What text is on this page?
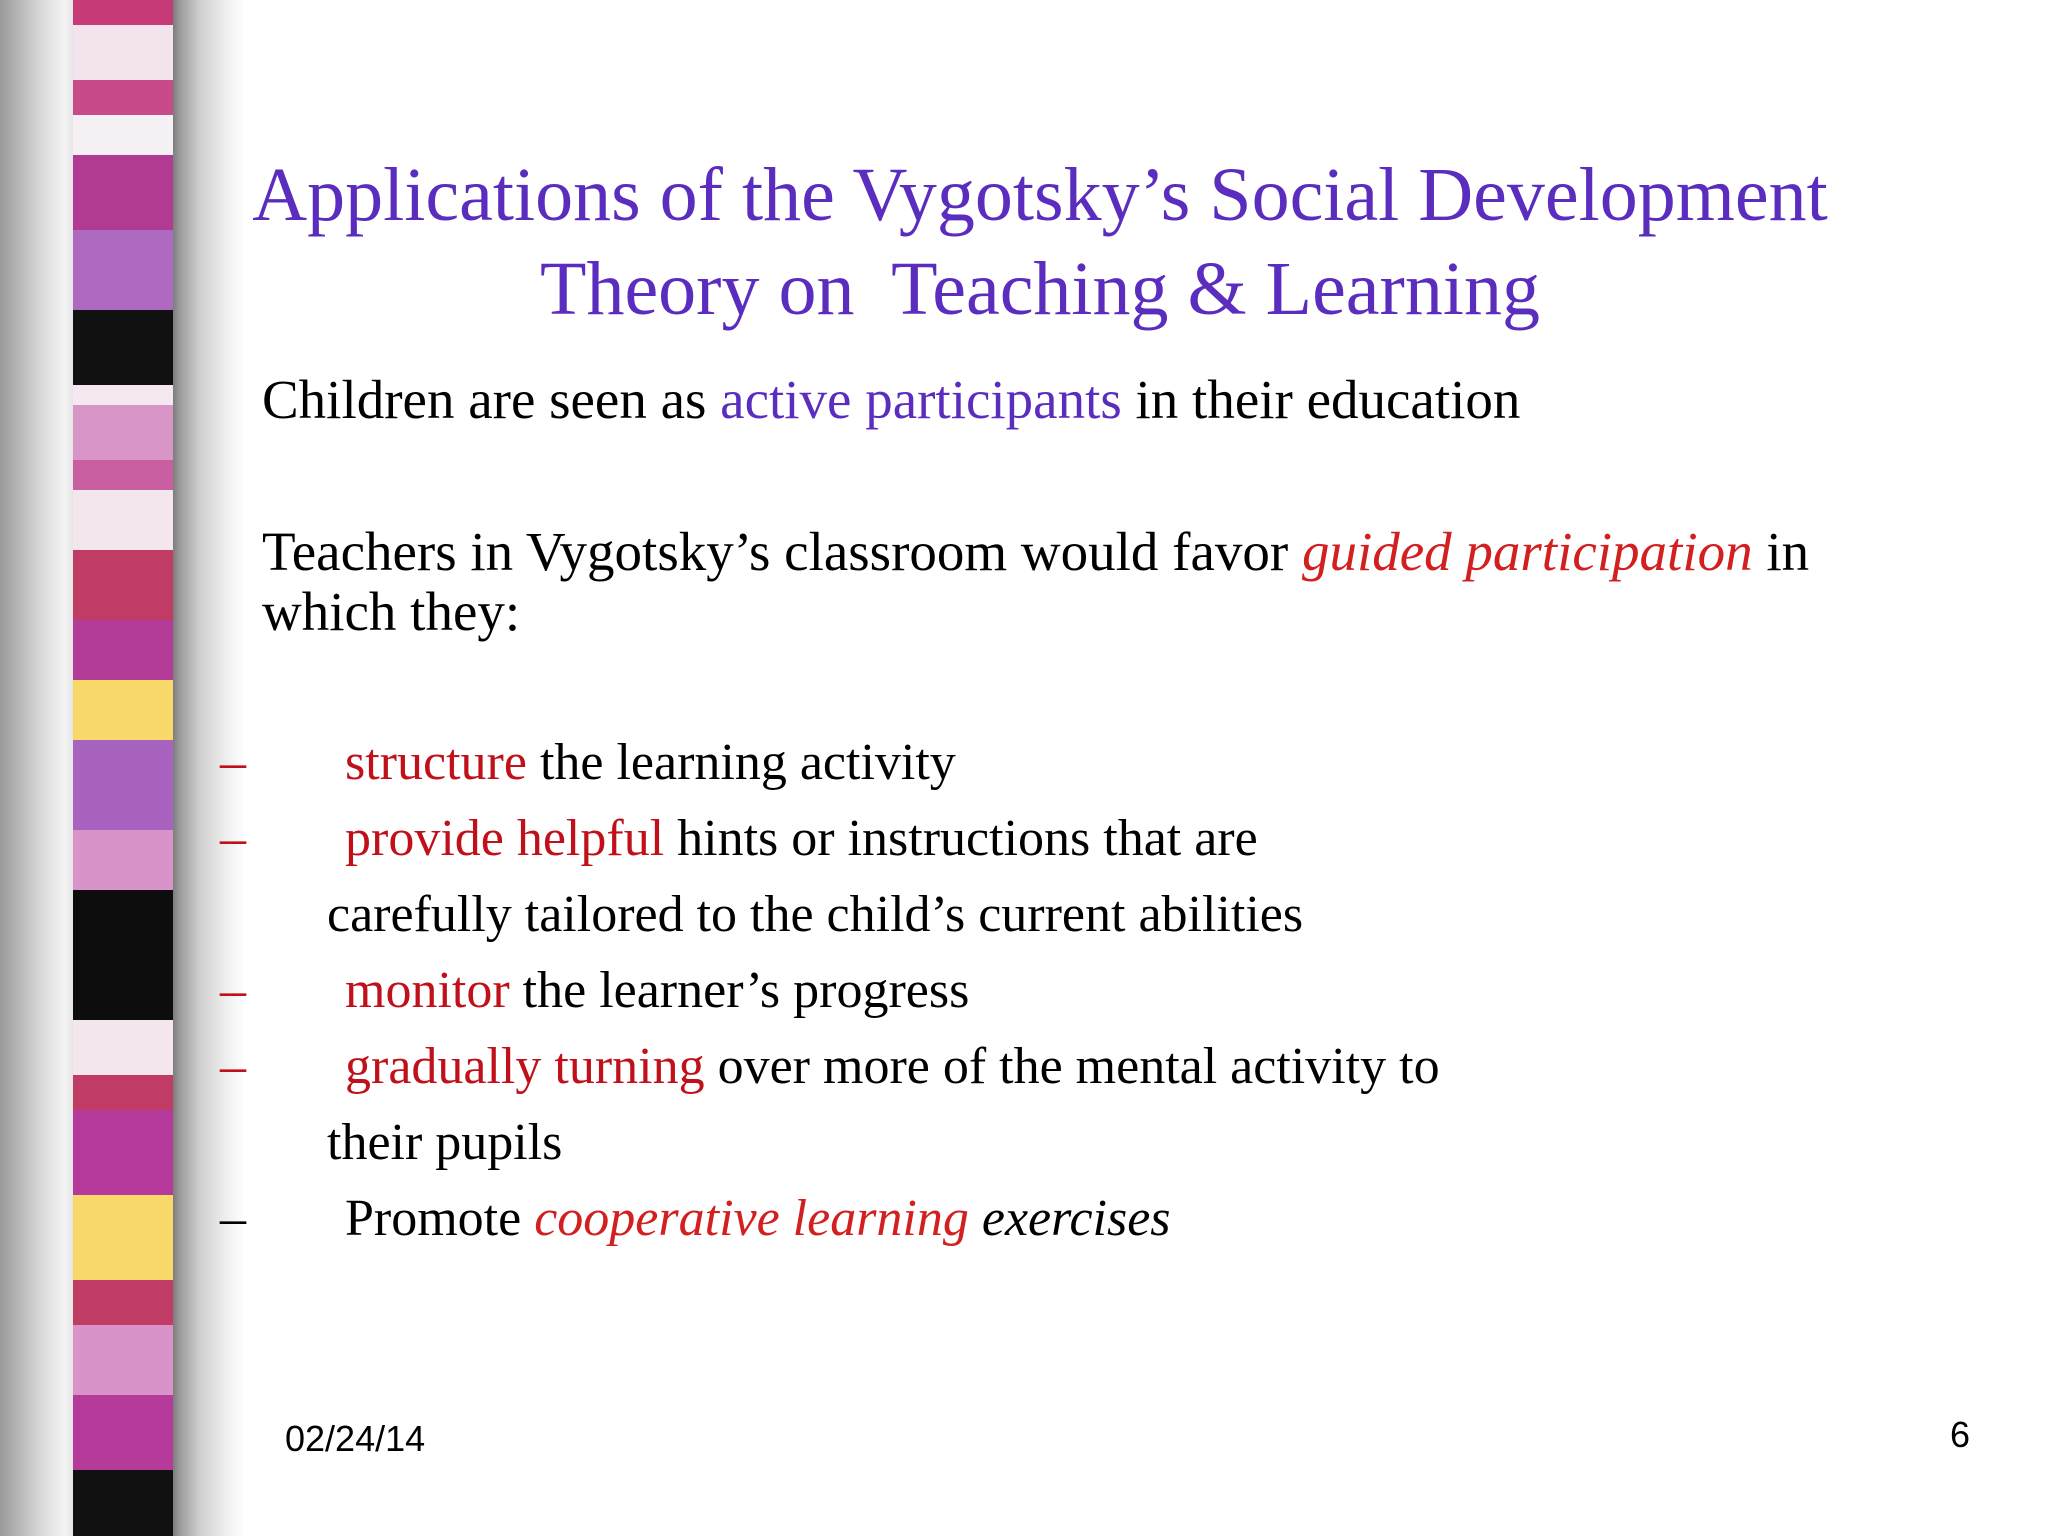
Applications of the Vygotsky’s Social Development
Theory on  Teaching & Learning

Children are seen as active participants in their education

Teachers in Vygotsky’s classroom would favor guided participation in
which they:

– structure the learning activity
– provide helpful hints or instructions that are
carefully tailored to the child’s current abilities
– monitor the learner’s progress
– gradually turning over more of the mental activity to
their pupils
– Promote cooperative learning exercises
02/24/14	6
